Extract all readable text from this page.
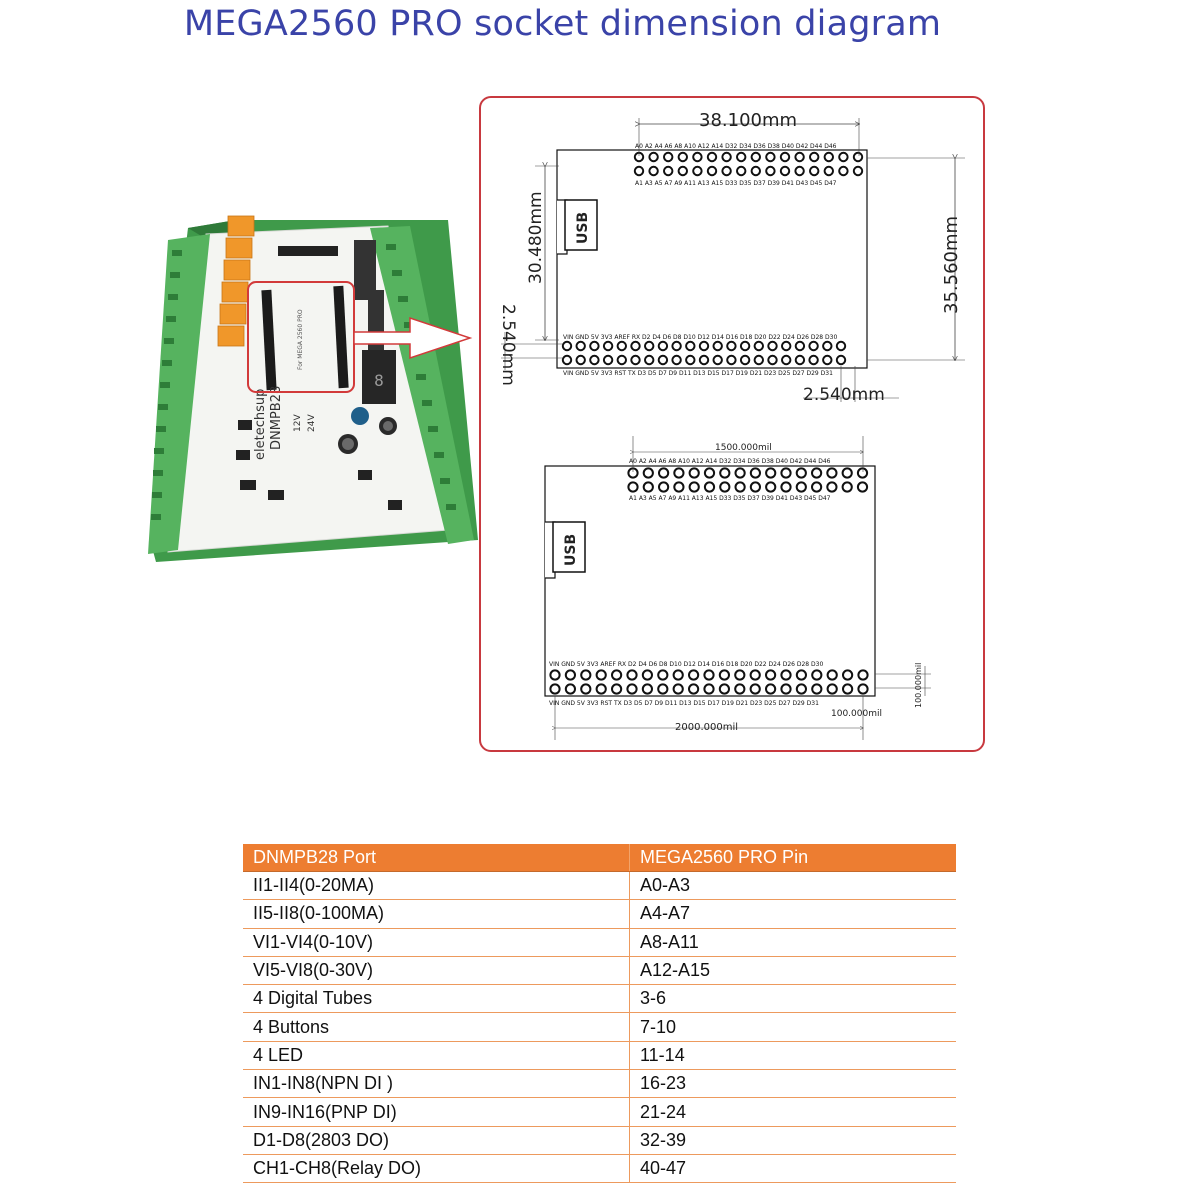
MEGA2560 PRO socket dimension diagram
8
eletechsup DNMPB28 12V 24V
For MEGA 2560 PRO
USB
A0 A2 A4 A6 A8 A10 A12 A14 D32 D34 D36 D38 D40 D42 D44 D46
A1 A3 A5 A7 A9 A11 A13 A15 D33 D35 D37 D39 D41 D43 D45 D47
VIN GND 5V 3V3 AREF RX D2 D4 D6 D8 D10 D12 D14 D16 D18 D20 D22 D24 D26 D28 D30
VIN GND 5V 3V3 RST TX D3 D5 D7 D9 D11 D13 D15 D17 D19 D21 D23 D25 D27 D29 D31
38.100mm
35.560mm
30.480mm
2.540mm
2.540mm
USB
A0 A2 A4 A6 A8 A10 A12 A14 D32 D34 D36 D38 D40 D42 D44 D46
A1 A3 A5 A7 A9 A11 A13 A15 D33 D35 D37 D39 D41 D43 D45 D47
VIN GND 5V 3V3 AREF RX D2 D4 D6 D8 D10 D12 D14 D16 D18 D20 D22 D24 D26 D28 D30
VIN GND 5V 3V3 RST TX D3 D5 D7 D9 D11 D13 D15 D17 D19 D21 D23 D25 D27 D29 D31
1500.000mil
2000.000mil
100.000mil
100.000mil
DNMPB28 Port	MEGA2560 PRO Pin
II1-II4(0-20MA)	A0-A3
II5-II8(0-100MA)	A4-A7
VI1-VI4(0-10V)	A8-A11
VI5-VI8(0-30V)	A12-A15
4 Digital Tubes	3-6
4 Buttons	7-10
4 LED	11-14
IN1-IN8(NPN DI )	16-23
IN9-IN16(PNP DI)	21-24
D1-D8(2803 DO)	32-39
CH1-CH8(Relay DO)	40-47
